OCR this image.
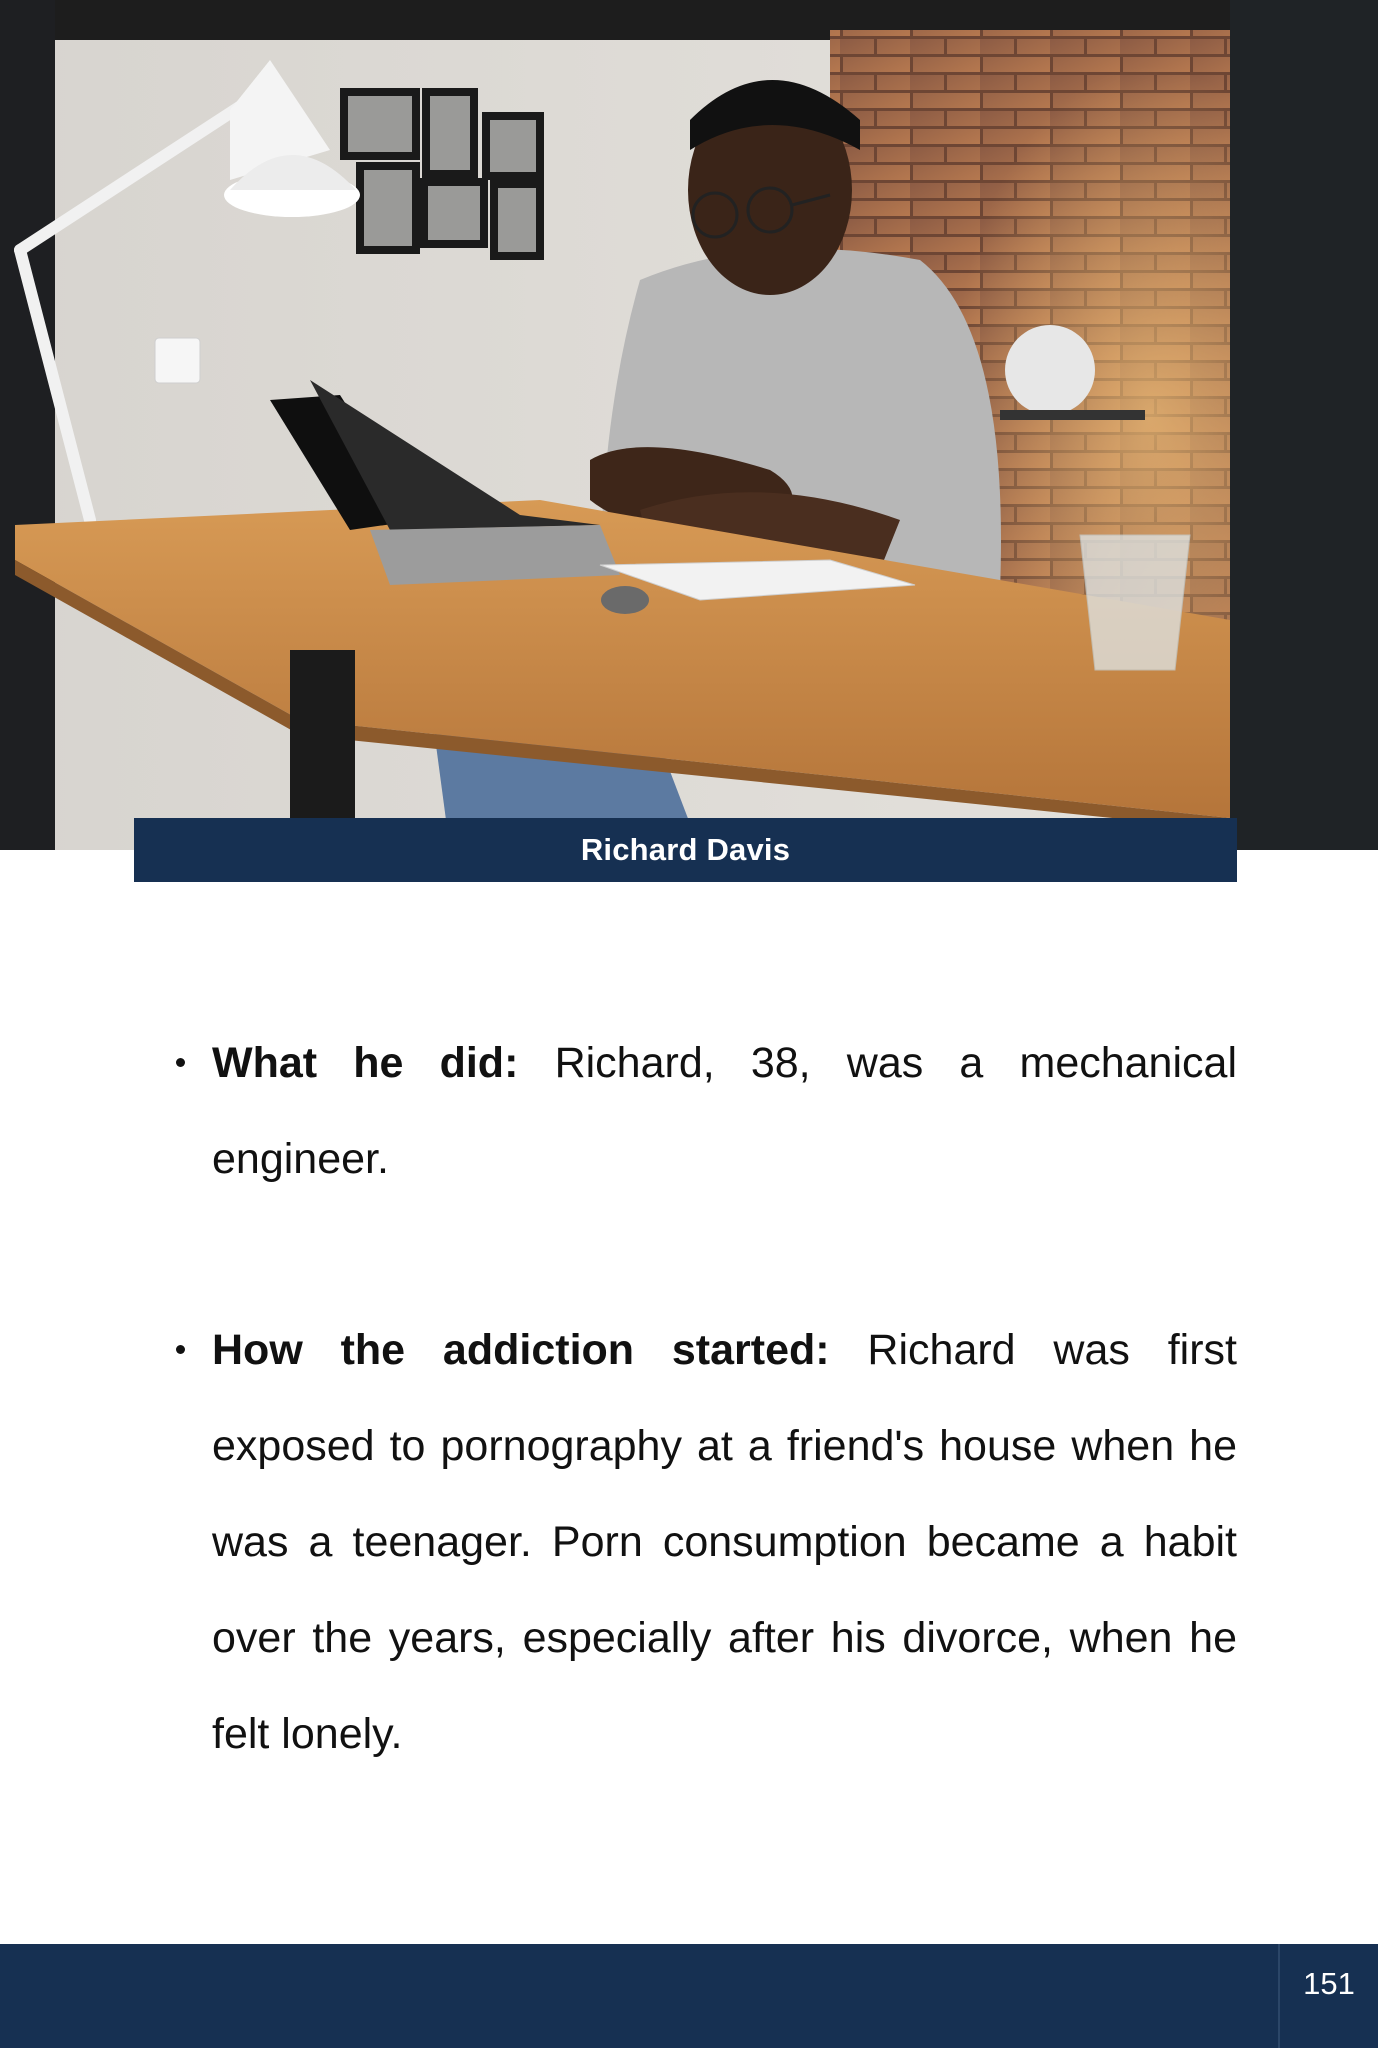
Richard Davis
What he did: Richard, 38, was a mechanical engineer.
How the addiction started: Richard was first exposed to pornography at a friend's house when he was a teenager. Porn consumption became a habit over the years, especially after his divorce, when he felt lonely.
151
